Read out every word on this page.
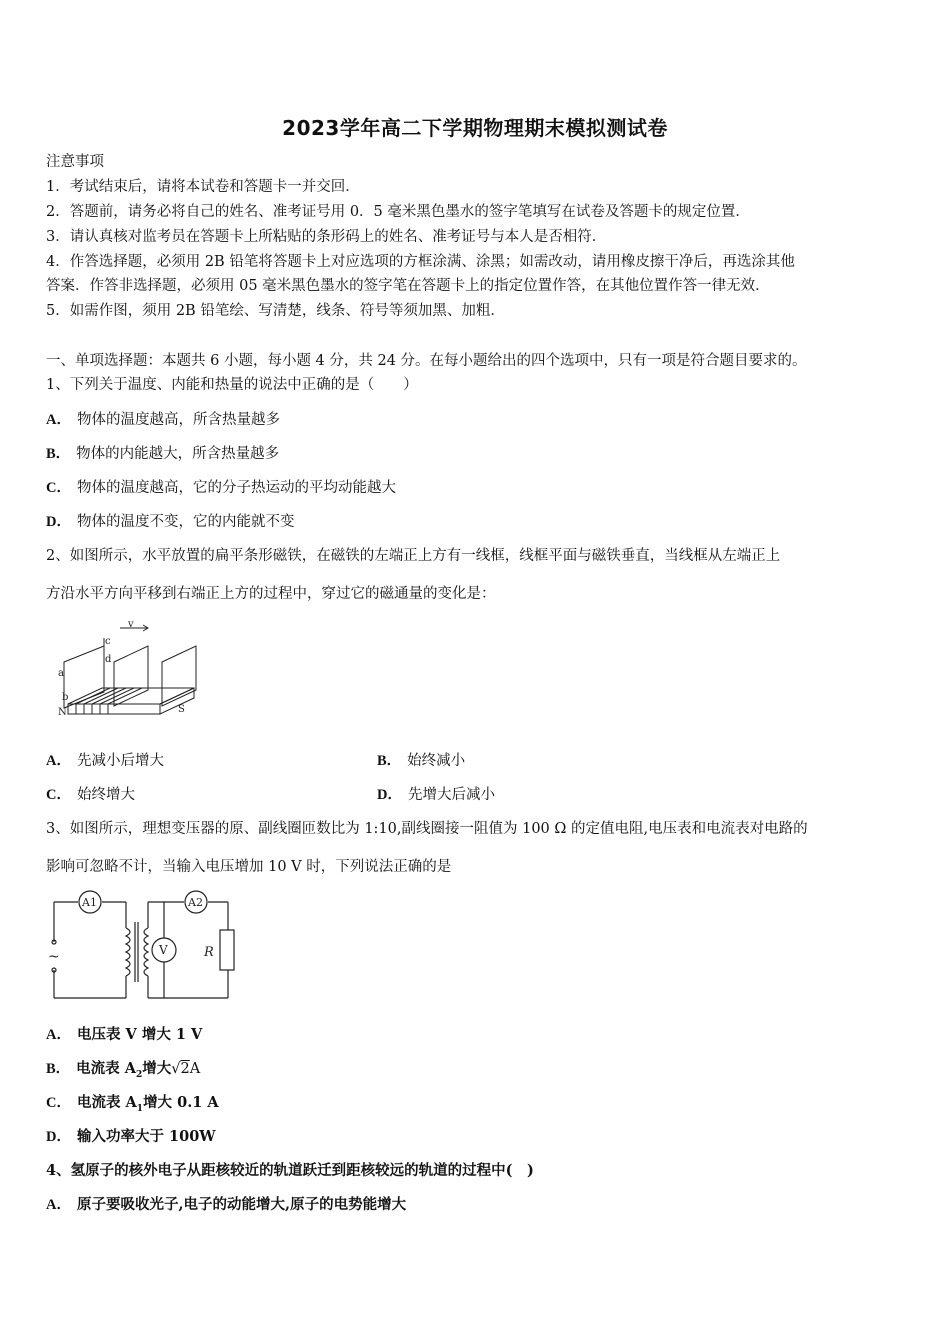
2023学年高二下学期物理期末模拟测试卷
注意事项
1．考试结束后，请将本试卷和答题卡一并交回．
2．答题前，请务必将自己的姓名、准考证号用 0．5 毫米黑色墨水的签字笔填写在试卷及答题卡的规定位置．
3．请认真核对监考员在答题卡上所粘贴的条形码上的姓名、准考证号与本人是否相符．
4．作答选择题，必须用 2B 铅笔将答题卡上对应选项的方框涂满、涂黑；如需改动，请用橡皮擦干净后，再选涂其他
答案．作答非选择题，必须用 05 毫米黑色墨水的签字笔在答题卡上的指定位置作答，在其他位置作答一律无效．
5．如需作图，须用 2B 铅笔绘、写清楚，线条、符号等须加黑、加粗．
一、单项选择题：本题共 6 小题，每小题 4 分，共 24 分。在每小题给出的四个选项中，只有一项是符合题目要求的。
1、下列关于温度、内能和热量的说法中正确的是（　　）
A． 物体的温度越高，所含热量越多
B． 物体的内能越大，所含热量越多
C． 物体的温度越高，它的分子热运动的平均动能越大
D． 物体的温度不变，它的内能就不变
2、如图所示，水平放置的扁平条形磁铁，在磁铁的左端正上方有一线框，线框平面与磁铁垂直，当线框从左端正上
方沿水平方向平移到右端正上方的过程中，穿过它的磁通量的变化是：
v
c
d
a
b
N	S
A． 先减小后增大	B． 始终减小
C． 始终增大	D． 先增大后减小
3、如图所示，理想变压器的原、副线圈匝数比为 1:10,副线圈接一阻值为 100 Ω 的定值电阻,电压表和电流表对电路的
影响可忽略不计，当输入电压增加 10 V 时，下列说法正确的是
A1	A2
V	R
~
A． 电压表 V 增大 1 V
B． 电流表 $A_2$增大√2A
C． 电流表 $A_1$增大 0.1 A
D． 输入功率大于 100W
4、氢原子的核外电子从距核较近的轨道跃迁到距核较远的轨道的过程中(　)
A． 原子要吸收光子,电子的动能增大,原子的电势能增大
